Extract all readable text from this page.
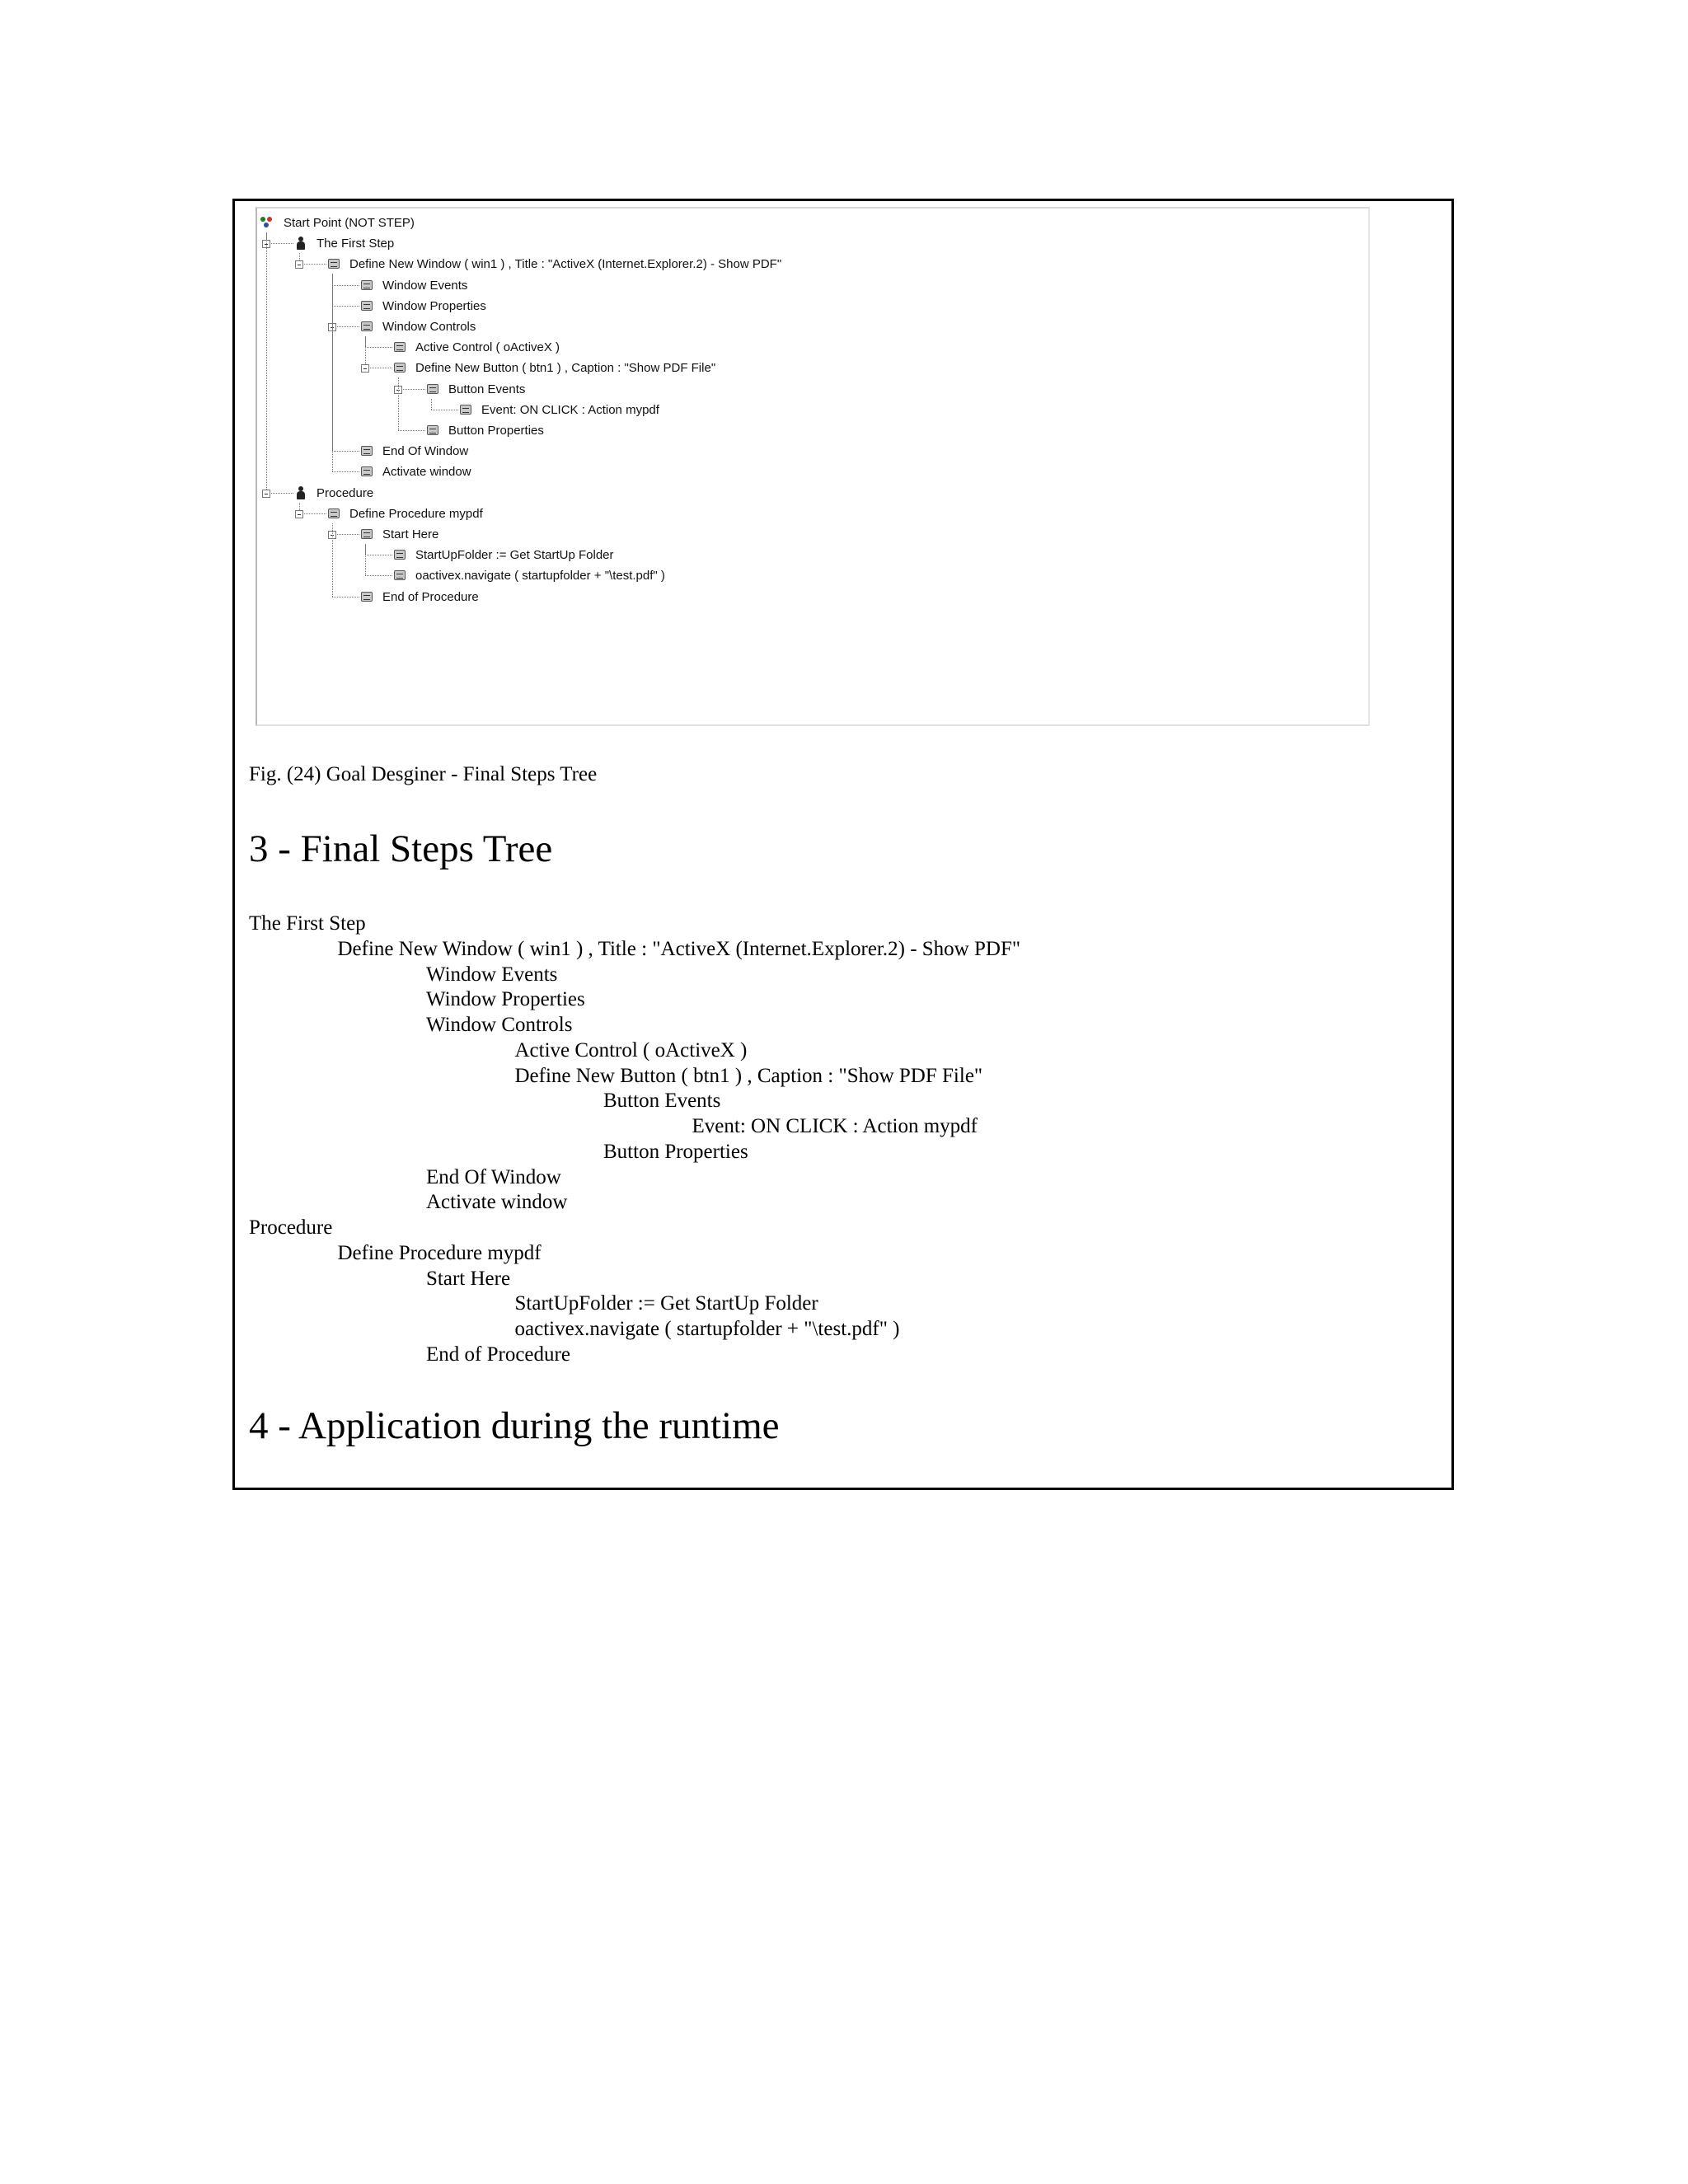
Start Point (NOT STEP)
The First Step
Define New Window ( win1 ) , Title : "ActiveX (Internet.Explorer.2) - Show PDF"
Window Events
Window Properties
Window Controls
Active Control ( oActiveX )
Define New Button ( btn1 ) , Caption : "Show PDF File"
Button Events
Event: ON CLICK : Action mypdf
Button Properties
End Of Window
Activate window
Procedure
Define Procedure mypdf
Start Here
StartUpFolder := Get StartUp Folder
oactivex.navigate ( startupfolder + "\test.pdf" )
End of Procedure
Fig. (24) Goal Desginer - Final Steps Tree
3 - Final Steps Tree
The First Step
Define New Window ( win1 ) , Title : "ActiveX (Internet.Explorer.2) - Show PDF"
Window Events
Window Properties
Window Controls
Active Control ( oActiveX )
Define New Button ( btn1 ) , Caption : "Show PDF File"
Button Events
Event: ON CLICK : Action mypdf
Button Properties
End Of Window
Activate window
Procedure
Define Procedure mypdf
Start Here
StartUpFolder := Get StartUp Folder
oactivex.navigate ( startupfolder + "\test.pdf" )
End of Procedure
4 - Application during the runtime
